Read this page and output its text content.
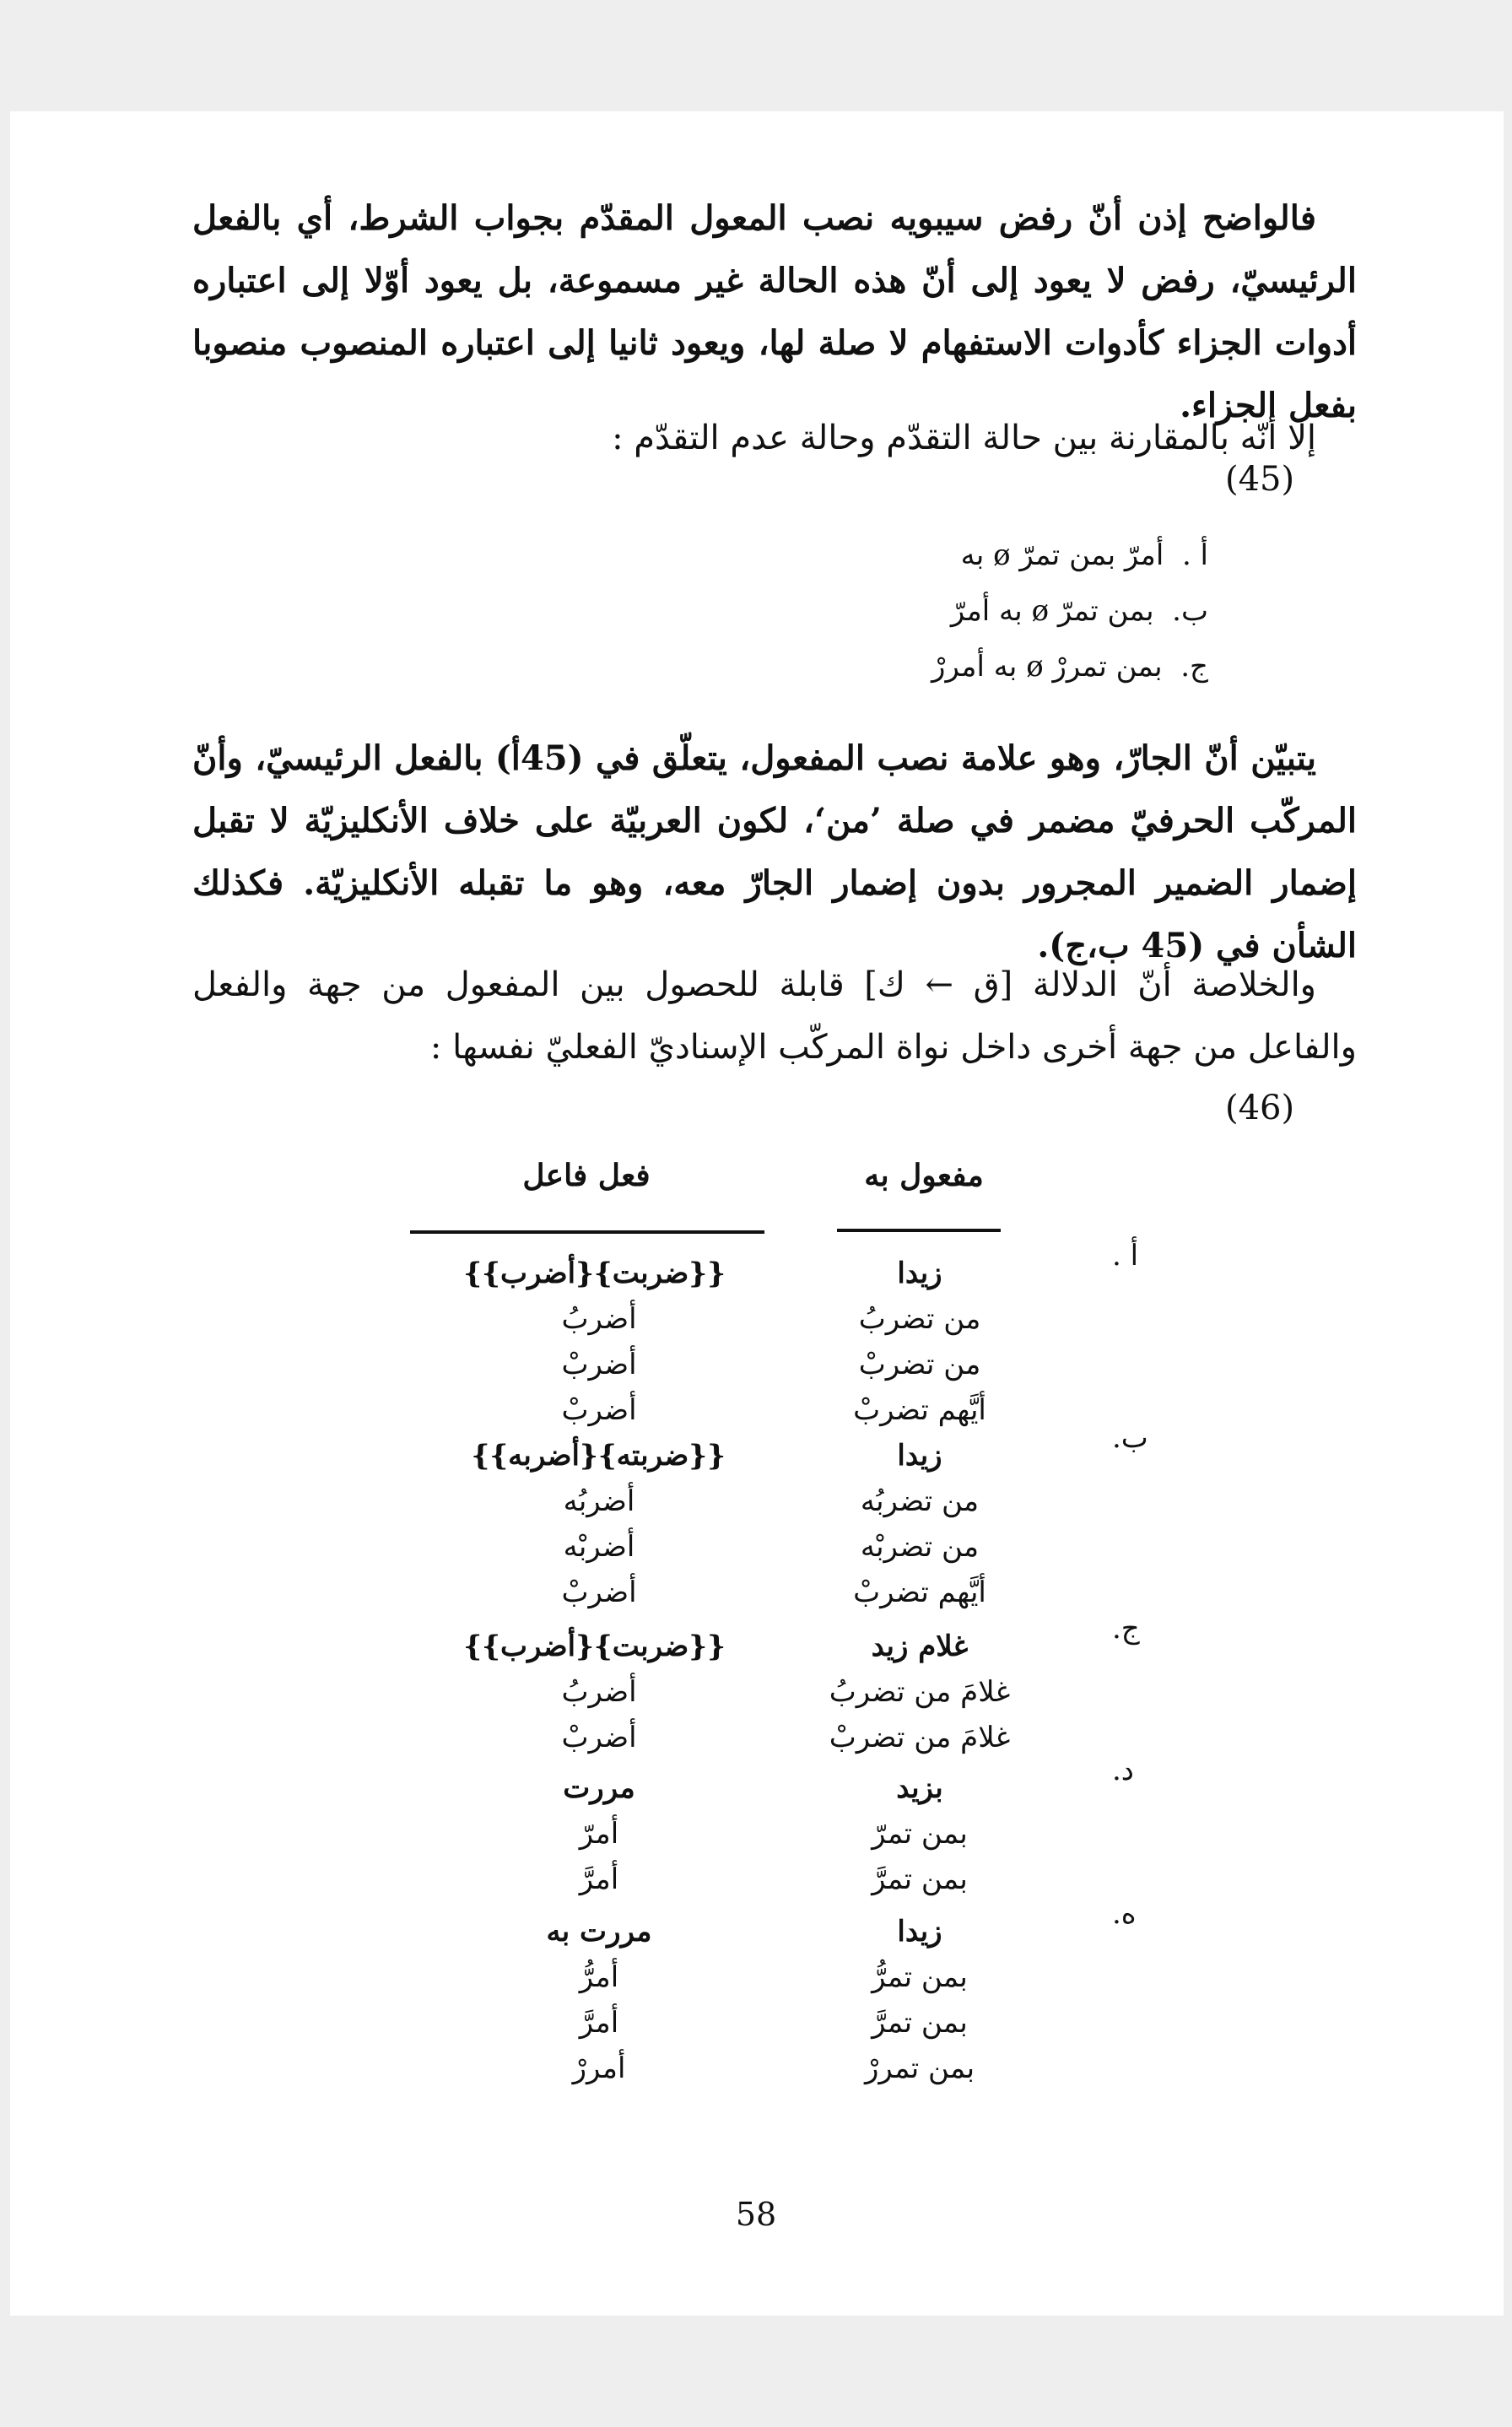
فالواضح إذن أنّ رفض سيبويه نصب المعول المقدّم بجواب الشرط، أي بالفعل الرئيسيّ، رفض لا يعود إلى أنّ هذه الحالة غير مسموعة، بل يعود أوّلا إلى اعتباره أدوات الجزاء كأدوات الاستفهام لا صلة لها، ويعود ثانيا إلى اعتباره المنصوب منصوبا بفعل الجزاء.
إلا أنّه بالمقارنة بين حالة التقدّم وحالة عدم التقدّم :
(45)
أ .  أمرّ بمن تمرّ ø به
ب.  بمن تمرّ ø به أمرّ
ج.  بمن تمررْ ø به أمررْ
يتبيّن أنّ الجارّ، وهو علامة نصب المفعول، يتعلّق في (45أ) بالفعل الرئيسيّ، وأنّ المركّب الحرفيّ مضمر في صلة ’من‘، لكون العربيّة على خلاف الأنكليزيّة لا تقبل إضمار الضمير المجرور بدون إضمار الجارّ معه، وهو ما تقبله الأنكليزيّة. فكذلك الشأن في (45 ب،ج).
والخلاصة أنّ الدلالة [ق ← ك] قابلة للحصول بين المفعول من جهة والفعل والفاعل من جهة أخرى داخل نواة المركّب الإسناديّ الفعليّ نفسها :
(46)
مفعول به
فعل فاعل
أ .
زيدا
{{ضربت}{أضرب}}
من تضربُ
أضربُ
من تضربْ
أضربْ
أيَّهم تضربْ
أضربْ
ب.
زيدا
{{ضربته}{أضربه}}
من تضربُه
أضربُه
من تضربْه
أضربْه
أيَّهم تضربْ
أضربْ
ج.
غلام زيد
{{ضربت}{أضرب}}
غلامَ من تضربُ
أضربُ
غلامَ من تضربْ
أضربْ
د.
بزيد
مررت
بمن تمرّ
أمرّ
بمن تمرَّ
أمرَّ
ه.
زيدا
مررت به
بمن تمرُّ
أمرُّ
بمن تمرَّ
أمرَّ
بمن تمررْ
أمررْ
58
